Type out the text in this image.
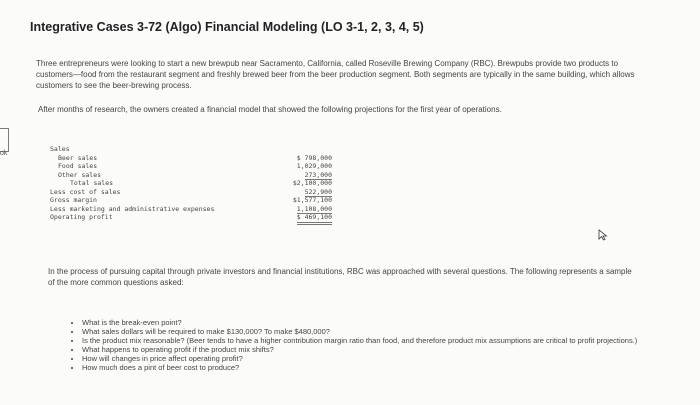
ok
Integrative Cases 3-72 (Algo) Financial Modeling (LO 3-1, 2, 3, 4, 5)
Three entrepreneurs were looking to start a new brewpub near Sacramento, California, called Roseville Brewing Company (RBC). Brewpubs provide two products to customers—food from the restaurant segment and freshly brewed beer from the beer production segment. Both segments are typically in the same building, which allows customers to see the beer-brewing process.
After months of research, the owners created a financial model that showed the following projections for the first year of operations.
Sales
Beer sales	$ 798,000
Food sales	1,029,000
Other sales	273,000
Total sales	$2,100,000
Less cost of sales	522,900
Gross margin	$1,577,100
Less marketing and administrative expenses	1,108,000
Operating profit	$ 469,100
In the process of pursuing capital through private investors and financial institutions, RBC was approached with several questions. The following represents a sample of the more common questions asked:
• What is the break-even point?
• What sales dollars will be required to make $130,000? To make $480,000?
• Is the product mix reasonable? (Beer tends to have a higher contribution margin ratio than food, and therefore product mix assumptions are critical to profit projections.)
• What happens to operating profit if the product mix shifts?
• How will changes in price affect operating profit?
• How much does a pint of beer cost to produce?
